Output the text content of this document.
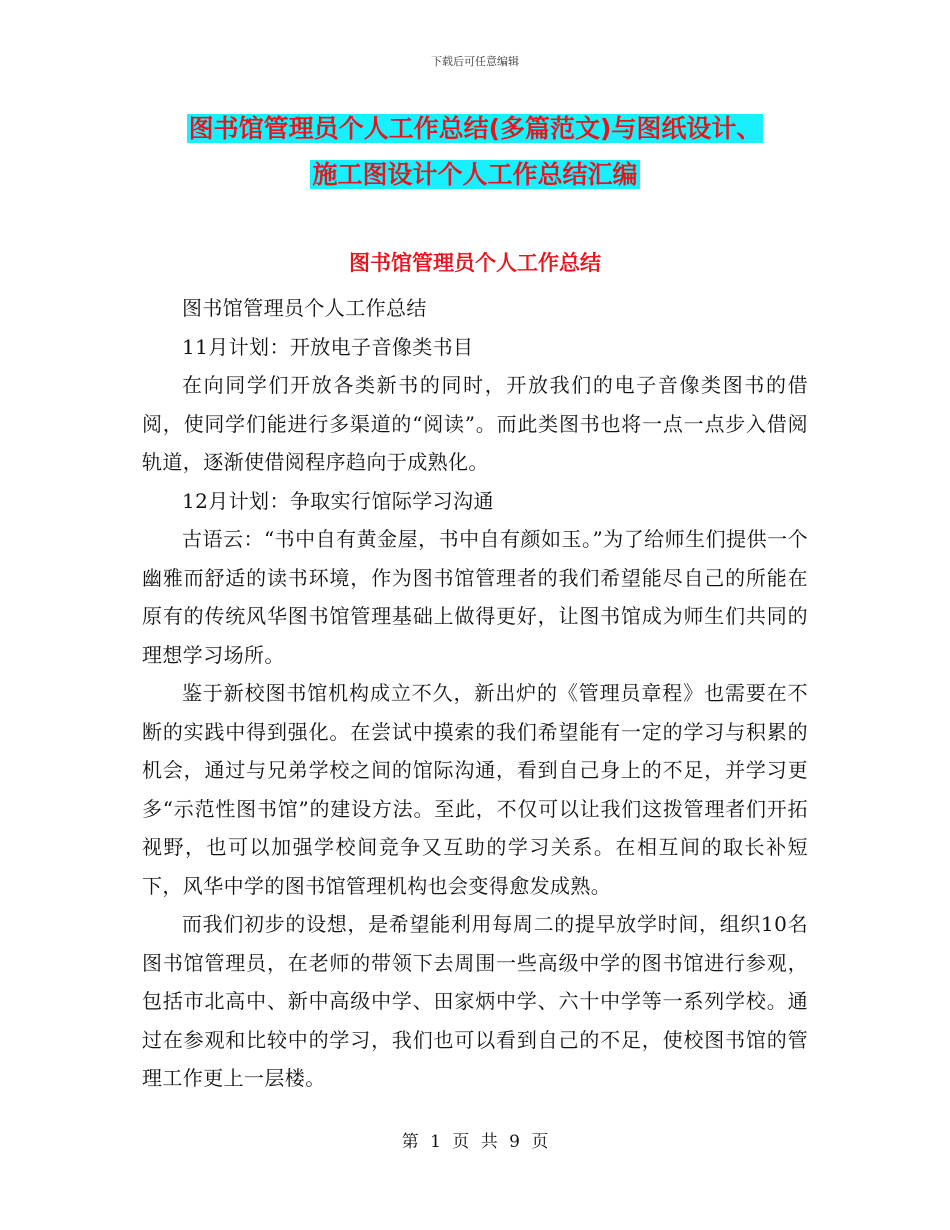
下载后可任意编辑
图书馆管理员个人工作总结(多篇范文)与图纸设计、
施工图设计个人工作总结汇编
图书馆管理员个人工作总结

图书馆管理员个人工作总结

11月计划：开放电子音像类书目

在向同学们开放各类新书的同时，开放我们的电子音像类图书的借阅，使同学们能进行多渠道的“阅读”。而此类图书也将一点一点步入借阅轨道，逐渐使借阅程序趋向于成熟化。

12月计划：争取实行馆际学习沟通

古语云：“书中自有黄金屋，书中自有颜如玉。”为了给师生们提供一个幽雅而舒适的读书环境，作为图书馆管理者的我们希望能尽自己的所能在原有的传统风华图书馆管理基础上做得更好，让图书馆成为师生们共同的理想学习场所。

鉴于新校图书馆机构成立不久，新出炉的《管理员章程》也需要在不断的实践中得到强化。在尝试中摸索的我们希望能有一定的学习与积累的机会，通过与兄弟学校之间的馆际沟通，看到自己身上的不足，并学习更多“示范性图书馆”的建设方法。至此，不仅可以让我们这拨管理者们开拓视野，也可以加强学校间竞争又互助的学习关系。在相互间的取长补短下，风华中学的图书馆管理机构也会变得愈发成熟。

而我们初步的设想，是希望能利用每周二的提早放学时间，组织10名图书馆管理员，在老师的带领下去周围一些高级中学的图书馆进行参观，包括市北高中、新中高级中学、田家炳中学、六十中学等一系列学校。通过在参观和比较中的学习，我们也可以看到自己的不足，使校图书馆的管理工作更上一层楼。

第 1 页 共 9 页
